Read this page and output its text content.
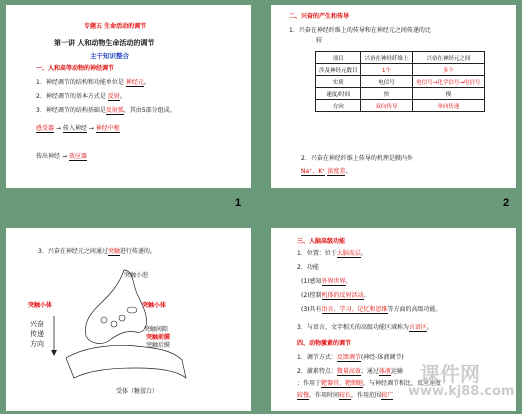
专题五 生命活动的调节
第一讲 人和动物生命活动的调节
主干知识整合
一、人和高等动物的神经调节
1．神经调节的结构和功能单位是 神经元。
2．神经调节的基本方式是 反射。
3．神经调节的结构基础是反射弧，其由5部分组成。
感受器 → 传入神经 → 神经中枢
传出神经 → 效应器
1
二、兴奋的产生和传导
1．兴奋在神经纤维上的传导和在神经元之间传递的比
较
项目	兴奋在神经纤维上	兴奋在神经元之间
涉及神经元数目	1个	多个
实质	电信号	电信号→化学信号→电信号
速度/时间	快	慢
方向	双向传导	单向传递
2．兴奋在神经纤维上传导的机理是膜内外
Na⁺、K⁺ 浓度差。
2
3．兴奋在神经元之间通过突触进行传递的。
突触小体
突触小泡
突触小体
兴奋
传递
方向
突触间隙
突触前膜
突触后膜
受体（糖蛋白）
三、人脑高级功能
1．位置：位于大脑皮层。
2．功能
(1)感知外界世界。
(2)控制机体的反射活动。
(3)具有语言、学习、记忆和思维等方面的高级功能。
3．与语言、文字相关的高级功能区域称为言语区。
四、动物激素的调节
1．调节方式：反馈调节(神经-体液调节)
2．激素特点：微量高效；通过体液运输
；作用于靶器官、靶细胞，与神经调节相比，反应速度
较慢，作用时间较长，作用范围较广
课件网
www.kj88.com
